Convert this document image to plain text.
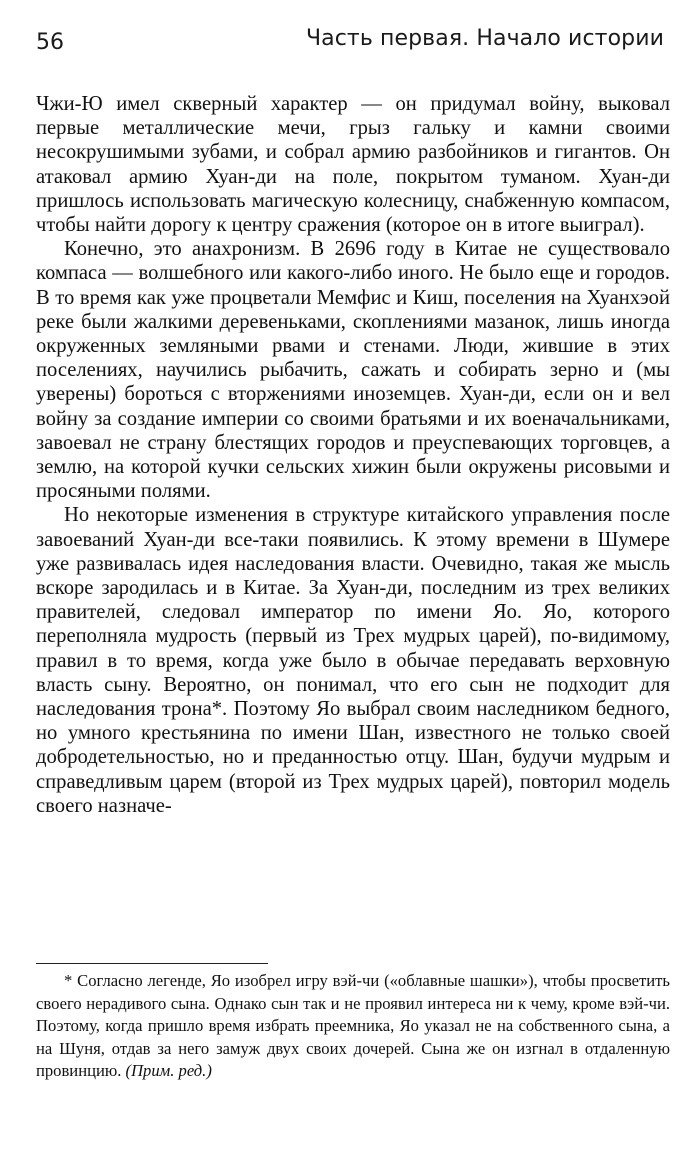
56	Часть первая. Начало истории

Чжи-Ю имел скверный характер — он придумал войну, выковал первые металлические мечи, грыз гальку и камни своими несокрушимыми зубами, и собрал армию разбойников и гигантов. Он атаковал армию Хуан-ди на поле, покрытом туманом. Хуан-ди пришлось использовать магическую колесницу, снабженную компасом, чтобы найти дорогу к центру сражения (которое он в итоге выиграл).

Конечно, это анахронизм. В 2696 году в Китае не существовало компаса — волшебного или какого-либо иного. Не было еще и городов. В то время как уже процветали Мемфис и Киш, поселения на Хуанхэой реке были жалкими деревеньками, скоплениями мазанок, лишь иногда окруженных земляными рвами и стенами. Люди, жившие в этих поселениях, научились рыбачить, сажать и собирать зерно и (мы уверены) бороться с вторжениями иноземцев. Хуан-ди, если он и вел войну за создание империи со своими братьями и их военачальниками, завоевал не страну блестящих городов и преуспевающих торговцев, а землю, на которой кучки сельских хижин были окружены рисовыми и просяными полями.

Но некоторые изменения в структуре китайского управления после завоеваний Хуан-ди все-таки появились. К этому времени в Шумере уже развивалась идея наследования власти. Очевидно, такая же мысль вскоре зародилась и в Китае. За Хуан-ди, последним из трех великих правителей, следовал император по имени Яо. Яо, которого переполняла мудрость (первый из Трех мудрых царей), по-видимому, правил в то время, когда уже было в обычае передавать верховную власть сыну. Вероятно, он понимал, что его сын не подходит для наследования трона*. Поэтому Яо выбрал своим наследником бедного, но умного крестьянина по имени Шан, известного не только своей добродетельностью, но и преданностью отцу. Шан, будучи мудрым и справедливым царем (второй из Трех мудрых царей), повторил модель своего назначе-

* Согласно легенде, Яо изобрел игру вэй-чи («облавные шашки»), чтобы просветить своего нерадивого сына. Однако сын так и не проявил интереса ни к чему, кроме вэй-чи. Поэтому, когда пришло время избрать преемника, Яо указал не на собственного сына, а на Шуня, отдав за него замуж двух своих дочерей. Сына же он изгнал в отдаленную провинцию. (Прим. ред.)
